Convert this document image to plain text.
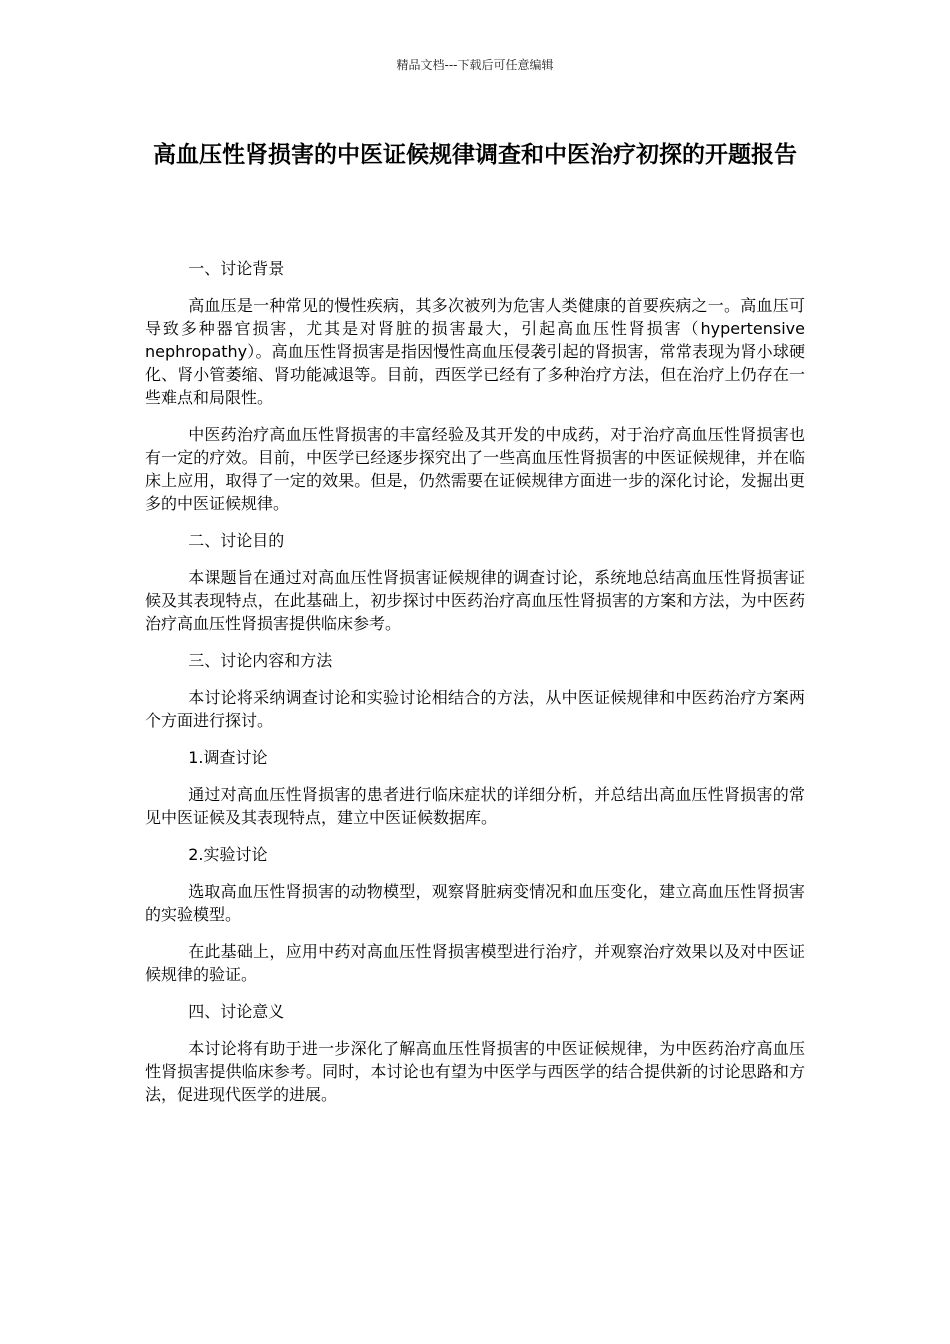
精品文档---下载后可任意编辑
高血压性肾损害的中医证候规律调查和中医治疗初探的开题报告

一、讨论背景

高血压是一种常见的慢性疾病，其多次被列为危害人类健康的首要疾病之一。高血压可导致多种器官损害，尤其是对肾脏的损害最大，引起高血压性肾损害（hypertensive nephropathy）。高血压性肾损害是指因慢性高血压侵袭引起的肾损害，常常表现为肾小球硬化、肾小管萎缩、肾功能减退等。目前，西医学已经有了多种治疗方法，但在治疗上仍存在一些难点和局限性。

中医药治疗高血压性肾损害的丰富经验及其开发的中成药，对于治疗高血压性肾损害也有一定的疗效。目前，中医学已经逐步探究出了一些高血压性肾损害的中医证候规律，并在临床上应用，取得了一定的效果。但是，仍然需要在证候规律方面进一步的深化讨论，发掘出更多的中医证候规律。

二、讨论目的

本课题旨在通过对高血压性肾损害证候规律的调查讨论，系统地总结高血压性肾损害证候及其表现特点，在此基础上，初步探讨中医药治疗高血压性肾损害的方案和方法，为中医药治疗高血压性肾损害提供临床参考。

三、讨论内容和方法

本讨论将采纳调查讨论和实验讨论相结合的方法，从中医证候规律和中医药治疗方案两个方面进行探讨。

1.调查讨论

通过对高血压性肾损害的患者进行临床症状的详细分析，并总结出高血压性肾损害的常见中医证候及其表现特点，建立中医证候数据库。

2.实验讨论

选取高血压性肾损害的动物模型，观察肾脏病变情况和血压变化，建立高血压性肾损害的实验模型。

在此基础上，应用中药对高血压性肾损害模型进行治疗，并观察治疗效果以及对中医证候规律的验证。

四、讨论意义

本讨论将有助于进一步深化了解高血压性肾损害的中医证候规律，为中医药治疗高血压性肾损害提供临床参考。同时，本讨论也有望为中医学与西医学的结合提供新的讨论思路和方法，促进现代医学的进展。
